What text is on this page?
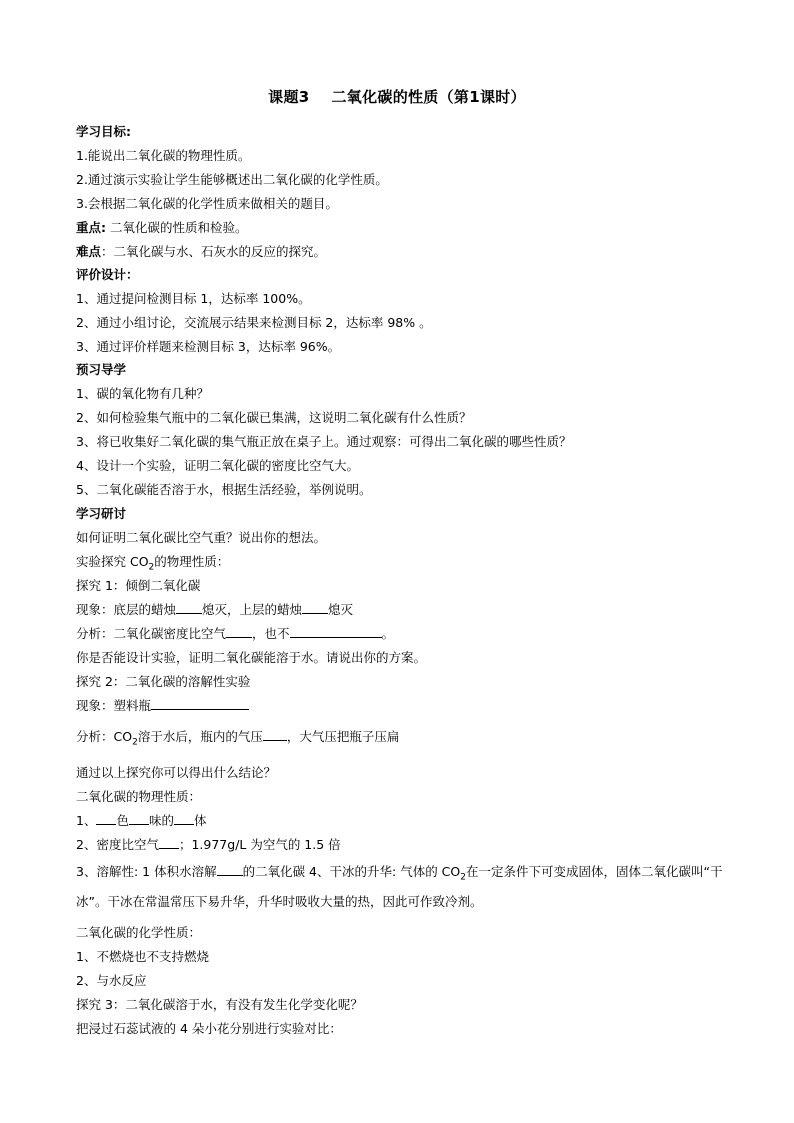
课题3 二氧化碳的性质（第1课时）
学习目标:
1.能说出二氧化碳的物理性质。
2.通过演示实验让学生能够概述出二氧化碳的化学性质。
3.会根据二氧化碳的化学性质来做相关的题目。
重点: 二氧化碳的性质和检验。
难点：二氧化碳与水、石灰水的反应的探究。
评价设计：
1、通过提问检测目标 1，达标率 100%。
2、通过小组讨论，交流展示结果来检测目标 2，达标率 98% 。
3、通过评价样题来检测目标 3，达标率 96%。
预习导学
1、碳的氧化物有几种？
2、如何检验集气瓶中的二氧化碳已集满，这说明二氧化碳有什么性质？
3、将已收集好二氧化碳的集气瓶正放在桌子上。通过观察：可得出二氧化碳的哪些性质？
4、设计一个实验，证明二氧化碳的密度比空气大。
5、二氧化碳能否溶于水，根据生活经验，举例说明。
学习研讨
如何证明二氧化碳比空气重？说出你的想法。
实验探究 $CO_2$的物理性质：
探究 1：倾倒二氧化碳
现象：底层的蜡烛 熄灭，上层的蜡烛 熄灭
分析：二氧化碳密度比空气 ，也不	。
你是否能设计实验，证明二氧化碳能溶于水。请说出你的方案。
探究 2：二氧化碳的溶解性实验
现象：塑料瓶
分析：$CO_2$溶于水后，瓶内的气压 ，大气压把瓶子压扁
通过以上探究你可以得出什么结论？
二氧化碳的物理性质：
1、 色 味的 体
2、密度比空气 ；1.977g/L 为空气的 1.5 倍
3、溶解性: 1 体积水溶解 的二氧化碳 4、干冰的升华: 气体的 $CO_2$在一定条件下可变成固体，固体二氧化碳叫“干冰”。干冰在常温常压下易升华，升华时吸收大量的热，因此可作致冷剂。
二氧化碳的化学性质：
1、不燃烧也不支持燃烧
2、与水反应
探究 3：二氧化碳溶于水，有没有发生化学变化呢？
把浸过石蕊试液的 4 朵小花分别进行实验对比：
